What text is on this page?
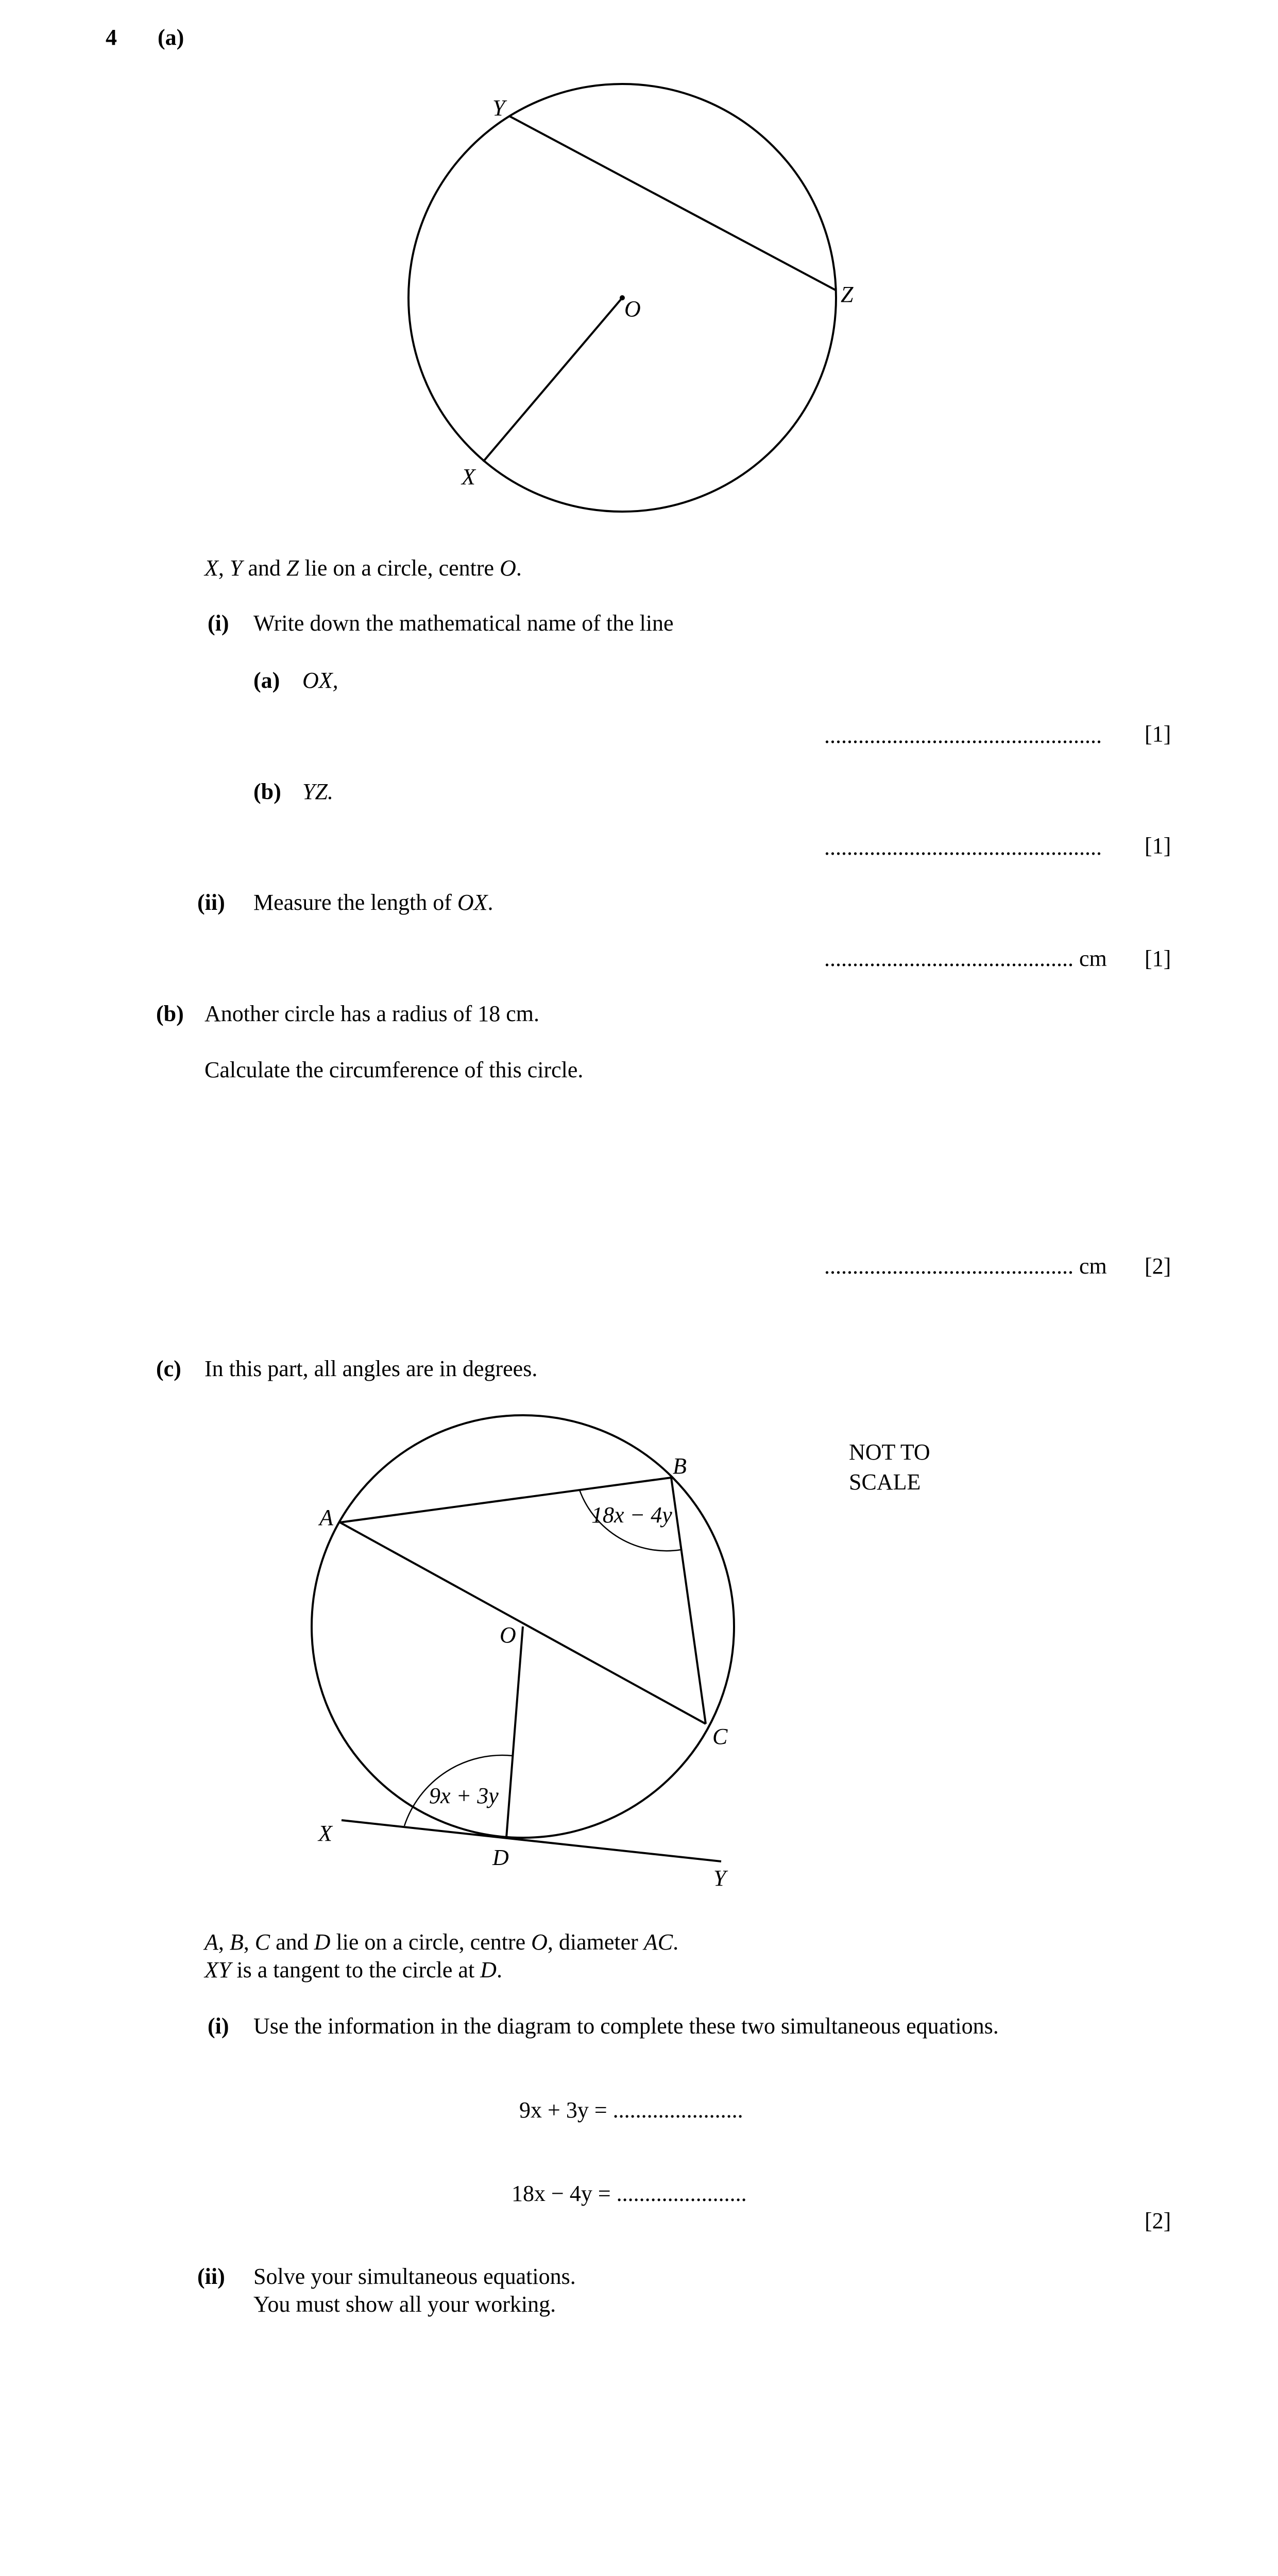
4 (a)
Y
Z
O
X
X, Y and Z lie on a circle, centre O.
(i) Write down the mathematical name of the line
(a) OX,
................................................. [1]
(b) YZ.
................................................. [1]
(ii) Measure the length of OX.
............................................ cm [1]
(b) Another circle has a radius of 18 cm.
Calculate the circumference of this circle.
............................................ cm [2]
(c) In this part, all angles are in degrees.
NOT TO
SCALE
A
B
C
D
O
X
Y
18x − 4y
9x + 3y
A, B, C and D lie on a circle, centre O, diameter AC.
XY is a tangent to the circle at D.
(i) Use the information in the diagram to complete these two simultaneous equations.
9x + 3y = .......................
18x − 4y = .......................
[2]
(ii) Solve your simultaneous equations.
You must show all your working.
